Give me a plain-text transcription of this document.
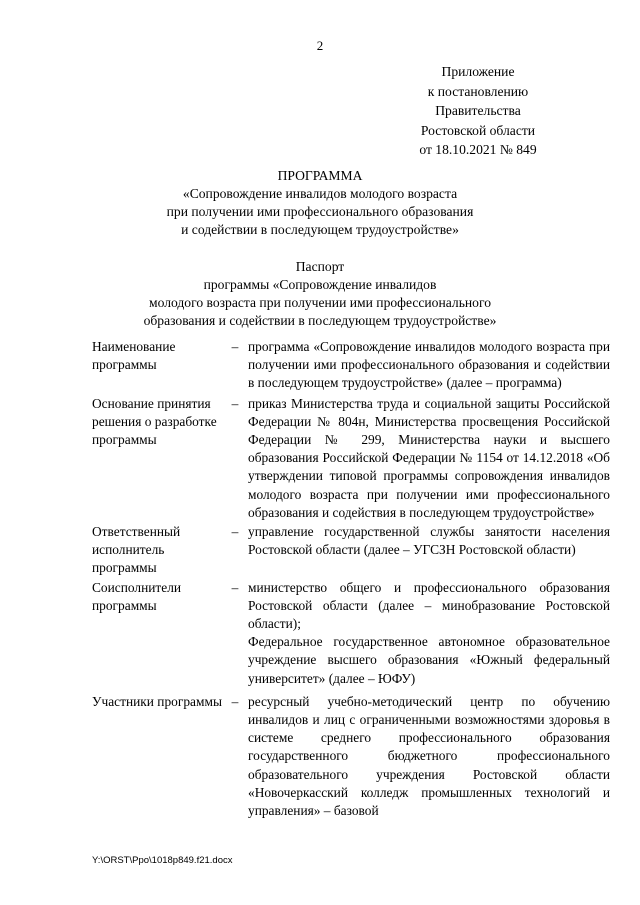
2
Приложение
к постановлению
Правительства
Ростовской области
от 18.10.2021 № 849
ПРОГРАММА
«Сопровождение инвалидов молодого возраста
при получении ими профессионального образования
и содействии в последующем трудоустройстве»
Паспорт
программы «Сопровождение инвалидов
молодого возраста при получении ими профессионального
образования и содействии в последующем трудоустройстве»
Наименование программы
– программа «Сопровождение инвалидов молодого возраста при получении ими профессионального образования и содействии в последующем трудоустройстве» (далее – программа)

Основание принятия решения о разработке программы
– приказ Министерства труда и социальной защиты Российской Федерации № 804н, Министерства просвещения Российской Федерации № 299, Министерства науки и высшего образования Российской Федерации № 1154 от 14.12.2018 «Об утверждении типовой программы сопровождения инвалидов молодого возраста при получении ими профессионального образования и содействия в последующем трудоустройстве»

Ответственный исполнитель программы
– управление государственной службы занятости населения Ростовской области (далее – УГСЗН Ростовской области)

Соисполнители программы
– министерство общего и профессионального образования Ростовской области (далее – минобразование Ростовской области);

Федеральное государственное автономное образовательное учреждение высшего образования «Южный федеральный университет» (далее – ЮФУ)

Участники программы – ресурсный учебно-методический центр по обучению инвалидов и лиц с ограниченными возможностями здоровья в системе среднего профессионального образования государственного бюджетного профессионального образовательного учреждения Ростовской области «Новочеркасский колледж промышленных технологий и управления» – базовой

Y:\ORST\Ppo\1018p849.f21.docx
